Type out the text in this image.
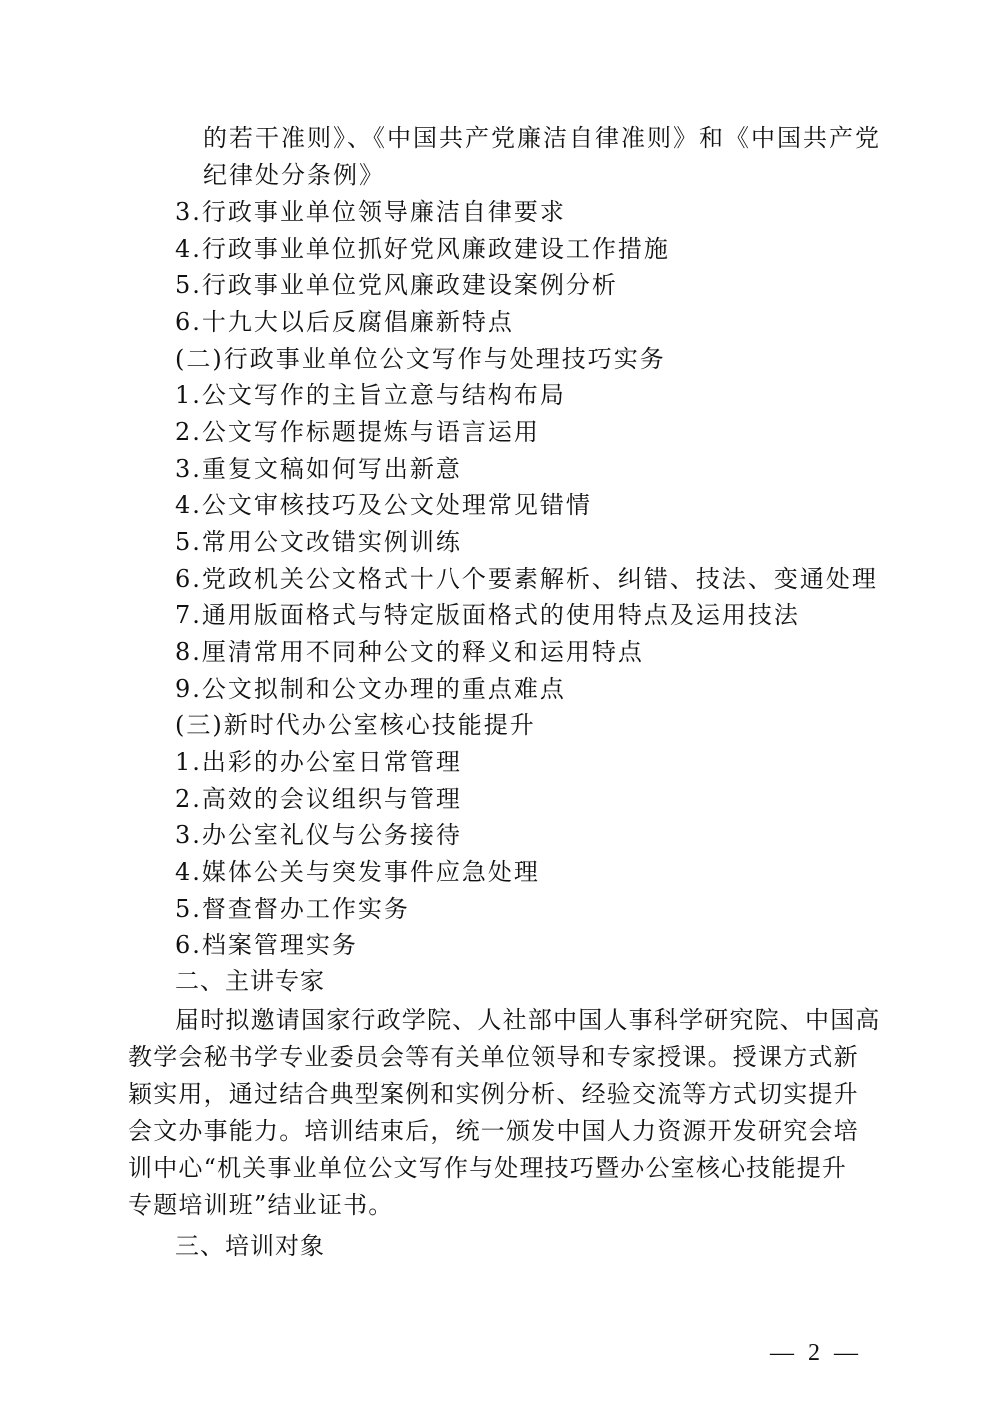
的若干准则》、《中国共产党廉洁自律准则》和《中国共产党
纪律处分条例》
3.行政事业单位领导廉洁自律要求
4.行政事业单位抓好党风廉政建设工作措施
5.行政事业单位党风廉政建设案例分析
6.十九大以后反腐倡廉新特点
(二)行政事业单位公文写作与处理技巧实务
1.公文写作的主旨立意与结构布局
2.公文写作标题提炼与语言运用
3.重复文稿如何写出新意
4.公文审核技巧及公文处理常见错情
5.常用公文改错实例训练
6.党政机关公文格式十八个要素解析、纠错、技法、变通处理
7.通用版面格式与特定版面格式的使用特点及运用技法
8.厘清常用不同种公文的释义和运用特点
9.公文拟制和公文办理的重点难点
(三)新时代办公室核心技能提升
1.出彩的办公室日常管理
2.高效的会议组织与管理
3.办公室礼仪与公务接待
4.媒体公关与突发事件应急处理
5.督查督办工作实务
6.档案管理实务
二、主讲专家
届时拟邀请国家行政学院、人社部中国人事科学研究院、中国高
教学会秘书学专业委员会等有关单位领导和专家授课。授课方式新
颖实用，通过结合典型案例和实例分析、经验交流等方式切实提升
会文办事能力。培训结束后，统一颁发中国人力资源开发研究会培
训中心“机关事业单位公文写作与处理技巧暨办公室核心技能提升
专题培训班”结业证书。
三、培训对象
— 2 —
